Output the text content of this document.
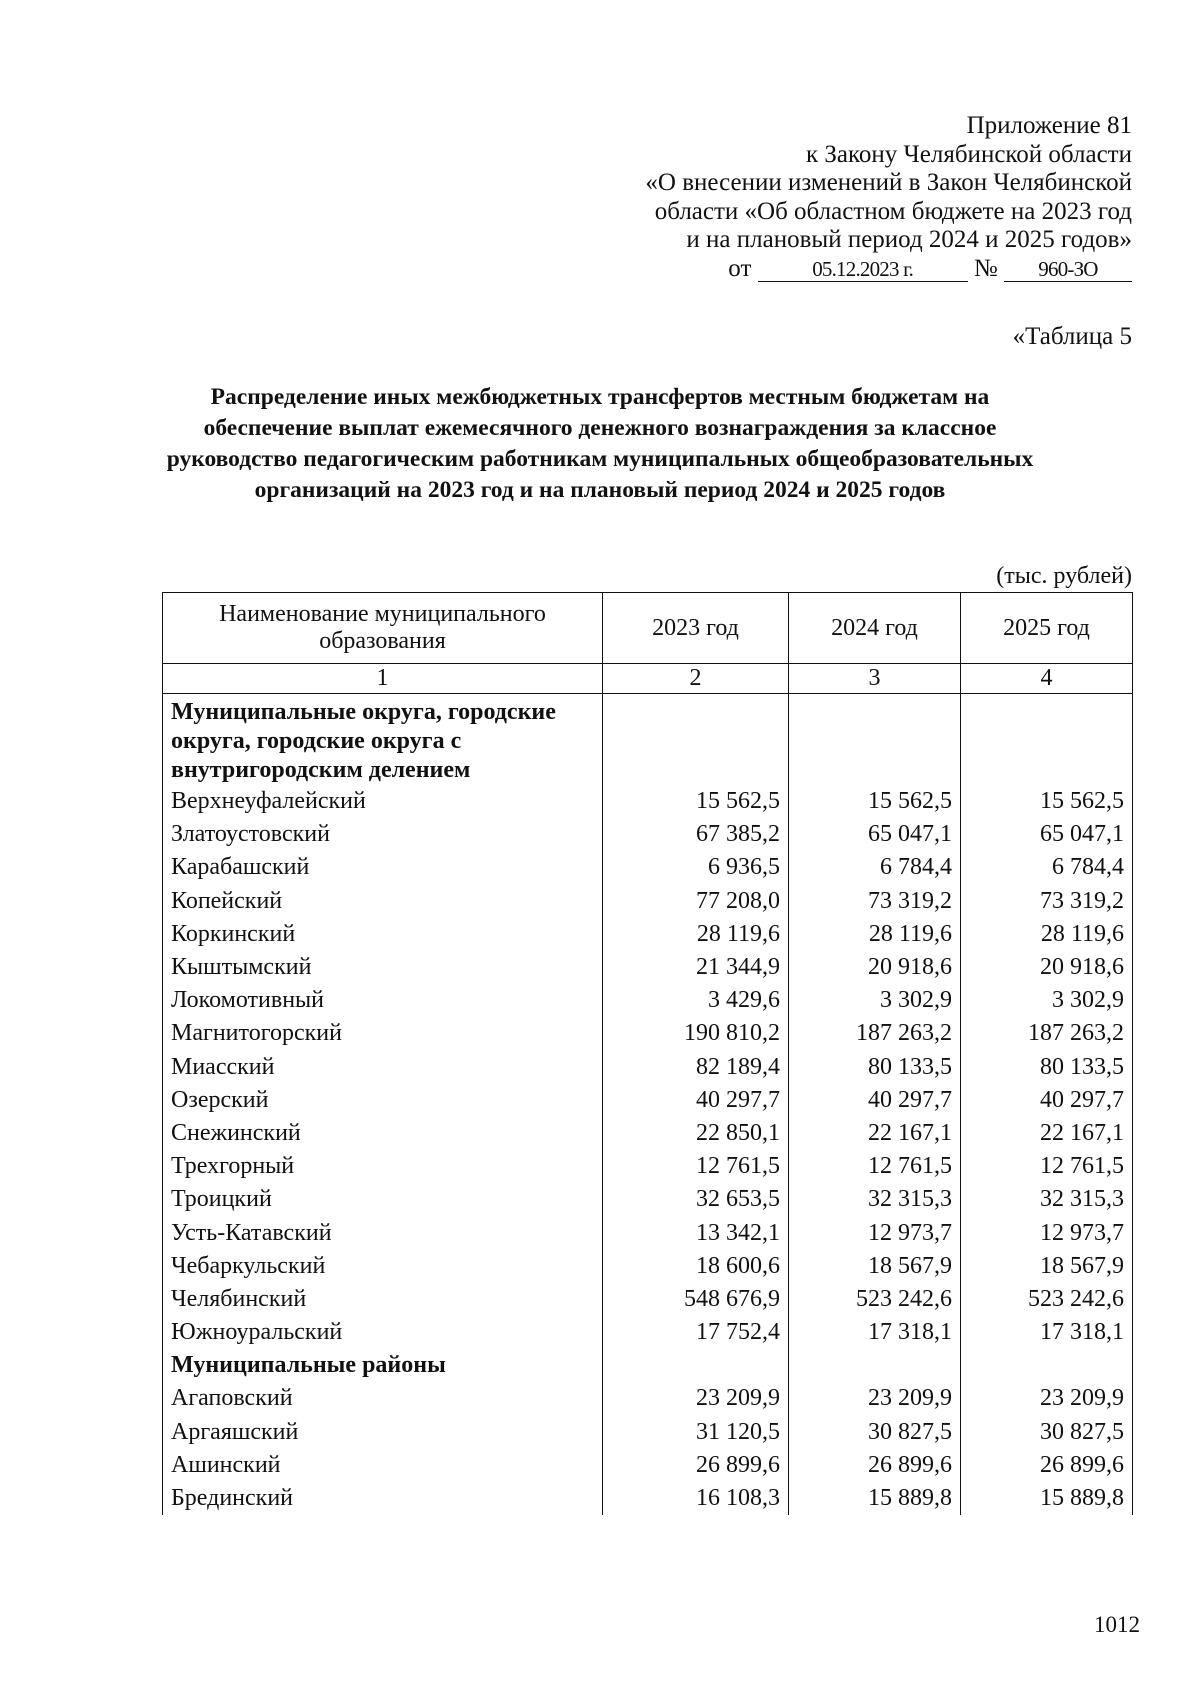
Приложение 81
к Закону Челябинской области
«О внесении изменений в Закон Челябинской
области «Об областном бюджете на 2023 год
и на плановый период 2024 и 2025 годов»
от	05.12.2023 г. № 960-ЗО
«Таблица 5
Распределение иных межбюджетных трансфертов местным бюджетам на обеспечение выплат ежемесячного денежного вознаграждения за классное руководство педагогическим работникам муниципальных общеобразовательных организаций на 2023 год и на плановый период 2024 и 2025 годов
(тыс. рублей)
Наименование муниципального образования	2023 год	2024 год	2025 год
1	2	3	4
Муниципальные округа, городские округа, городские округа с внутригородским делением			
Верхнеуфалейский	15 562,5	15 562,5	15 562,5
Златоустовский	67 385,2	65 047,1	65 047,1
Карабашский	6 936,5	6 784,4	6 784,4
Копейский	77 208,0	73 319,2	73 319,2
Коркинский	28 119,6	28 119,6	28 119,6
Кыштымский	21 344,9	20 918,6	20 918,6
Локомотивный	3 429,6	3 302,9	3 302,9
Магнитогорский	190 810,2	187 263,2	187 263,2
Миасский	82 189,4	80 133,5	80 133,5
Озерский	40 297,7	40 297,7	40 297,7
Снежинский	22 850,1	22 167,1	22 167,1
Трехгорный	12 761,5	12 761,5	12 761,5
Троицкий	32 653,5	32 315,3	32 315,3
Усть-Катавский	13 342,1	12 973,7	12 973,7
Чебаркульский	18 600,6	18 567,9	18 567,9
Челябинский	548 676,9	523 242,6	523 242,6
Южноуральский	17 752,4	17 318,1	17 318,1
Муниципальные районы			
Агаповский	23 209,9	23 209,9	23 209,9
Аргаяшский	31 120,5	30 827,5	30 827,5
Ашинский	26 899,6	26 899,6	26 899,6
Брединский	16 108,3	15 889,8	15 889,8
1012
